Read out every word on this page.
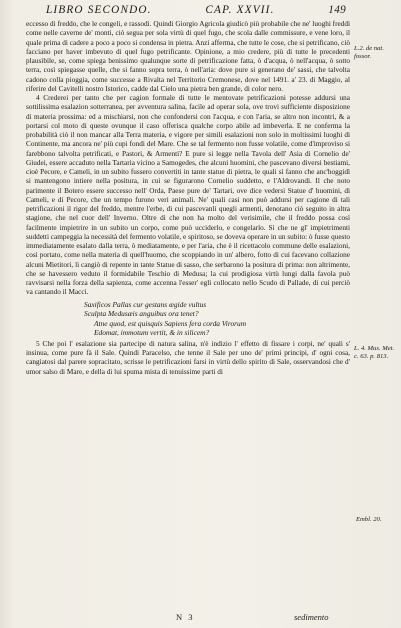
LIBRO SECONDO.	CAP. XXVII.	149

eccesso di freddo, che le congeli, e rassodi. Quindi Giorgio Agricola giudicò più probabile che ne' luoghi freddi come nelle caverne de' monti, ciò segua per sola virtù di quel fugo, che scola dalle commissure, e vene loro, il quale prima di cadere a poco a poco si condensa in pietra. Anzi afferma, che tutte le cose, che si petrificano, ciò facciano per haver imbevuto di quel fugo petrificante. Opinione, a mio credere, più di tutte le precedenti plausibile, se, come spiega benissimo qualunque sorte di petrificazione fatta, ò d'acqua, ò nell'acqua, ò sotto terra, così spiegasse quelle, che si fanno sopra terra, ò nell'aria: dove pure si generano de' sassi, che talvolta cadono colla pioggia, come successe a Rivalta nel Territorio Cremonese, dove nel 1491. a' 23. di Maggio, al riferire del Cavitelli nostro Istorico, cadde dal Cielo una pietra ben grande, di color nero.

4 Crederei per tanto che per cagion formale di tutte le mentovate petrificazioni potesse addursi una sottilissima esalazion sotterranea, per avventura salina, facile ad operar sola, ove trovi sufficiente disposizione di materia prossima: ed a mischiarsi, non che confondersi con l'acqua, e con l'aria, se altro non incontri, & a portarsi col moto di queste ovunque il caso offerisca qualche corpo abile ad imbeverla. E ne conferma la probabilità ciò il non mancar alla Terra materia, e vigore per simili esalazioni non solo in moltissimi luoghi di Continente, ma ancora ne' più cupi fondi del Mare. Che se tal fermento non fusse volatile, come d'improviso si farebbono talvolta petrificati, e Pastori, & Armenti? E pure si legge nella Tavola dell' Asia di Cornelio de' Giudei, essere accaduto nella Tartaria vicino a Samogedes, che alcuni huomini, che pascevano diversi bestiami, cioè Pecore, e Cameli, in un subito fussero convertiti in tante statue di pietra, le quali sì fanno che anc'hoggidì si mantengono intiere nella positura, in cui se figurarono Cornelio suddetto, e l'Aldrovandi. Il che noto parimente il Botero essere successo nell' Orda, Paese pure de' Tartari, ove dice vedersi Statue d' huomini, di Cameli, e di Pecore, che un tempo furono veri animali. Ne' quali casi non può addursi per cagione di tali petrificazioni il rigor del freddo, mentre l'erbe, di cui pascevanli quegli armenti, denotano ciò seguito in altra stagione, che nel cuor dell' Inverno. Oltre di che non ha molto del verisimile, che il freddo possa così facilmente impietrire in un subito un corpo, come può ucciderlo, e congelarlo. Sì che ne gl' impietrimenti suddetti campeggia la necessità del fermento volatile, e spiritoso, se doveva operare in un subito: ò fusse questo immediatamente esalato dalla terra, ò mediatamente, e per l'aria, che è il ricettacolo commune delle esalazioni, così portato, come nella materia di quell'huomo, che scoppiando in un' albero, fotto di cui facevano collazione alcuni Mietitori, li cangiò di repente in tante Statue di sasso, che serbarono la positura di prima: non altrimente, che se havessero veduto il formidabile Teschio di Medusa; la cui prodigiosa virtù lungi dalla favola può ravvisarsi nella forza della sapienza, come accenna l'esser' egli collocato nello Scudo di Pallade, di cui perciò va cantando il Macci.

Saxificos Pallas cur gestans ægide vultus
Sculpta Medusæis anguibus ora tenet?
Atne quod, est quisquis Sapiens fera corda Virorum
Edomat, immotum vertit, & in silicem?

5 Che poi l' esalazione sia partecipe di natura salina, n'è indizio l' effetto di fissare i corpi, ne' quali s' insinua, come pure fà il Sale. Quindi Paracelso, che tenne il Sale per uno de' primi principi, d' ogni cosa, cangiatosi dal parere sopracitato, scrisse le petrificazioni farsi in virtù dello spirito di Sale, osservandosi che d' umor salso di Mare, e della di lui spuma mista di tenuissime parti di

L.2. de nat. fossor.
L. 4. Mus. Met. c. 63. p. 813.
Embl. 20.
N 3	sedimento
